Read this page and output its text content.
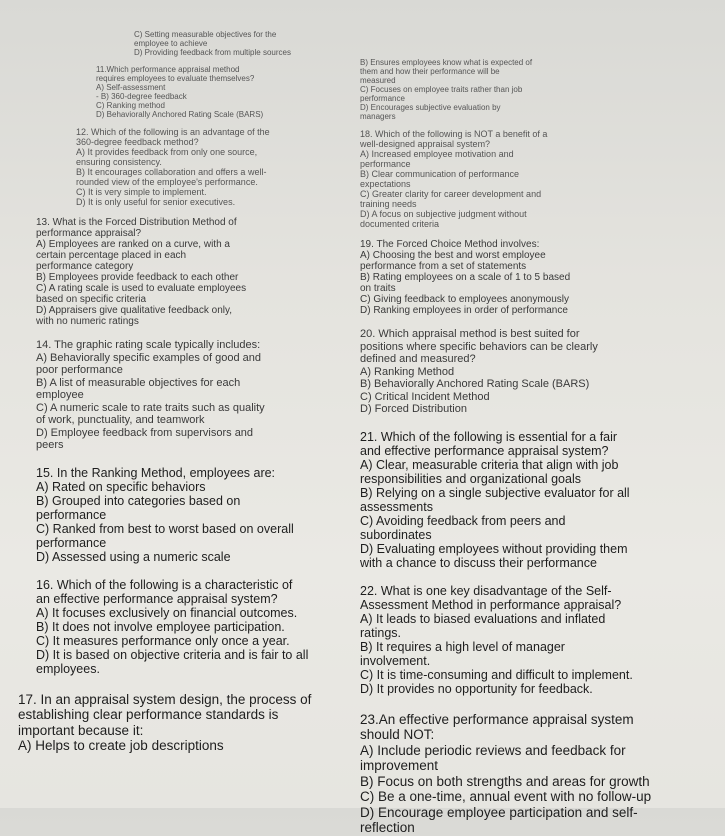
C) Setting measurable objectives for the
employee to achieve
D) Providing feedback from multiple sources
11.Which performance appraisal method
requires employees to evaluate themselves?
A) Self-assessment
- B) 360-degree feedback
C) Ranking method
D) Behaviorally Anchored Rating Scale (BARS)
12. Which of the following is an advantage of the
360-degree feedback method?
A) It provides feedback from only one source,
ensuring consistency.
B) It encourages collaboration and offers a well-
rounded view of the employee's performance.
C) It is very simple to implement.
D) It is only useful for senior executives.
13. What is the Forced Distribution Method of
performance appraisal?
A) Employees are ranked on a curve, with a
certain percentage placed in each
performance category
B) Employees provide feedback to each other
C) A rating scale is used to evaluate employees
based on specific criteria
D) Appraisers give qualitative feedback only,
with no numeric ratings
14. The graphic rating scale typically includes:
A) Behaviorally specific examples of good and
poor performance
B) A list of measurable objectives for each
employee
C) A numeric scale to rate traits such as quality
of work, punctuality, and teamwork
D) Employee feedback from supervisors and
peers
15. In the Ranking Method, employees are:
A) Rated on specific behaviors
B) Grouped into categories based on
performance
C) Ranked from best to worst based on overall
performance
D) Assessed using a numeric scale
16. Which of the following is a characteristic of
an effective performance appraisal system?
A) It focuses exclusively on financial outcomes.
B) It does not involve employee participation.
C) It measures performance only once a year.
D) It is based on objective criteria and is fair to all
employees.
17. In an appraisal system design, the process of
establishing clear performance standards is
important because it:
A) Helps to create job descriptions
B) Ensures employees know what is expected of
them and how their performance will be
measured
C) Focuses on employee traits rather than job
performance
D) Encourages subjective evaluation by
managers
18. Which of the following is NOT a benefit of a
well-designed appraisal system?
A) Increased employee motivation and
performance
B) Clear communication of performance
expectations
C) Greater clarity for career development and
training needs
D) A focus on subjective judgment without
documented criteria
19. The Forced Choice Method involves:
A) Choosing the best and worst employee
performance from a set of statements
B) Rating employees on a scale of 1 to 5 based
on traits
C) Giving feedback to employees anonymously
D) Ranking employees in order of performance
20. Which appraisal method is best suited for
positions where specific behaviors can be clearly
defined and measured?
A) Ranking Method
B) Behaviorally Anchored Rating Scale (BARS)
C) Critical Incident Method
D) Forced Distribution
21. Which of the following is essential for a fair
and effective performance appraisal system?
A) Clear, measurable criteria that align with job
responsibilities and organizational goals
B) Relying on a single subjective evaluator for all
assessments
C) Avoiding feedback from peers and
subordinates
D) Evaluating employees without providing them
with a chance to discuss their performance
22. What is one key disadvantage of the Self-
Assessment Method in performance appraisal?
A) It leads to biased evaluations and inflated
ratings.
B) It requires a high level of manager
involvement.
C) It is time-consuming and difficult to implement.
D) It provides no opportunity for feedback.
23.An effective performance appraisal system
should NOT:
A) Include periodic reviews and feedback for
improvement
B) Focus on both strengths and areas for growth
C) Be a one-time, annual event with no follow-up
D) Encourage employee participation and self-
reflection
